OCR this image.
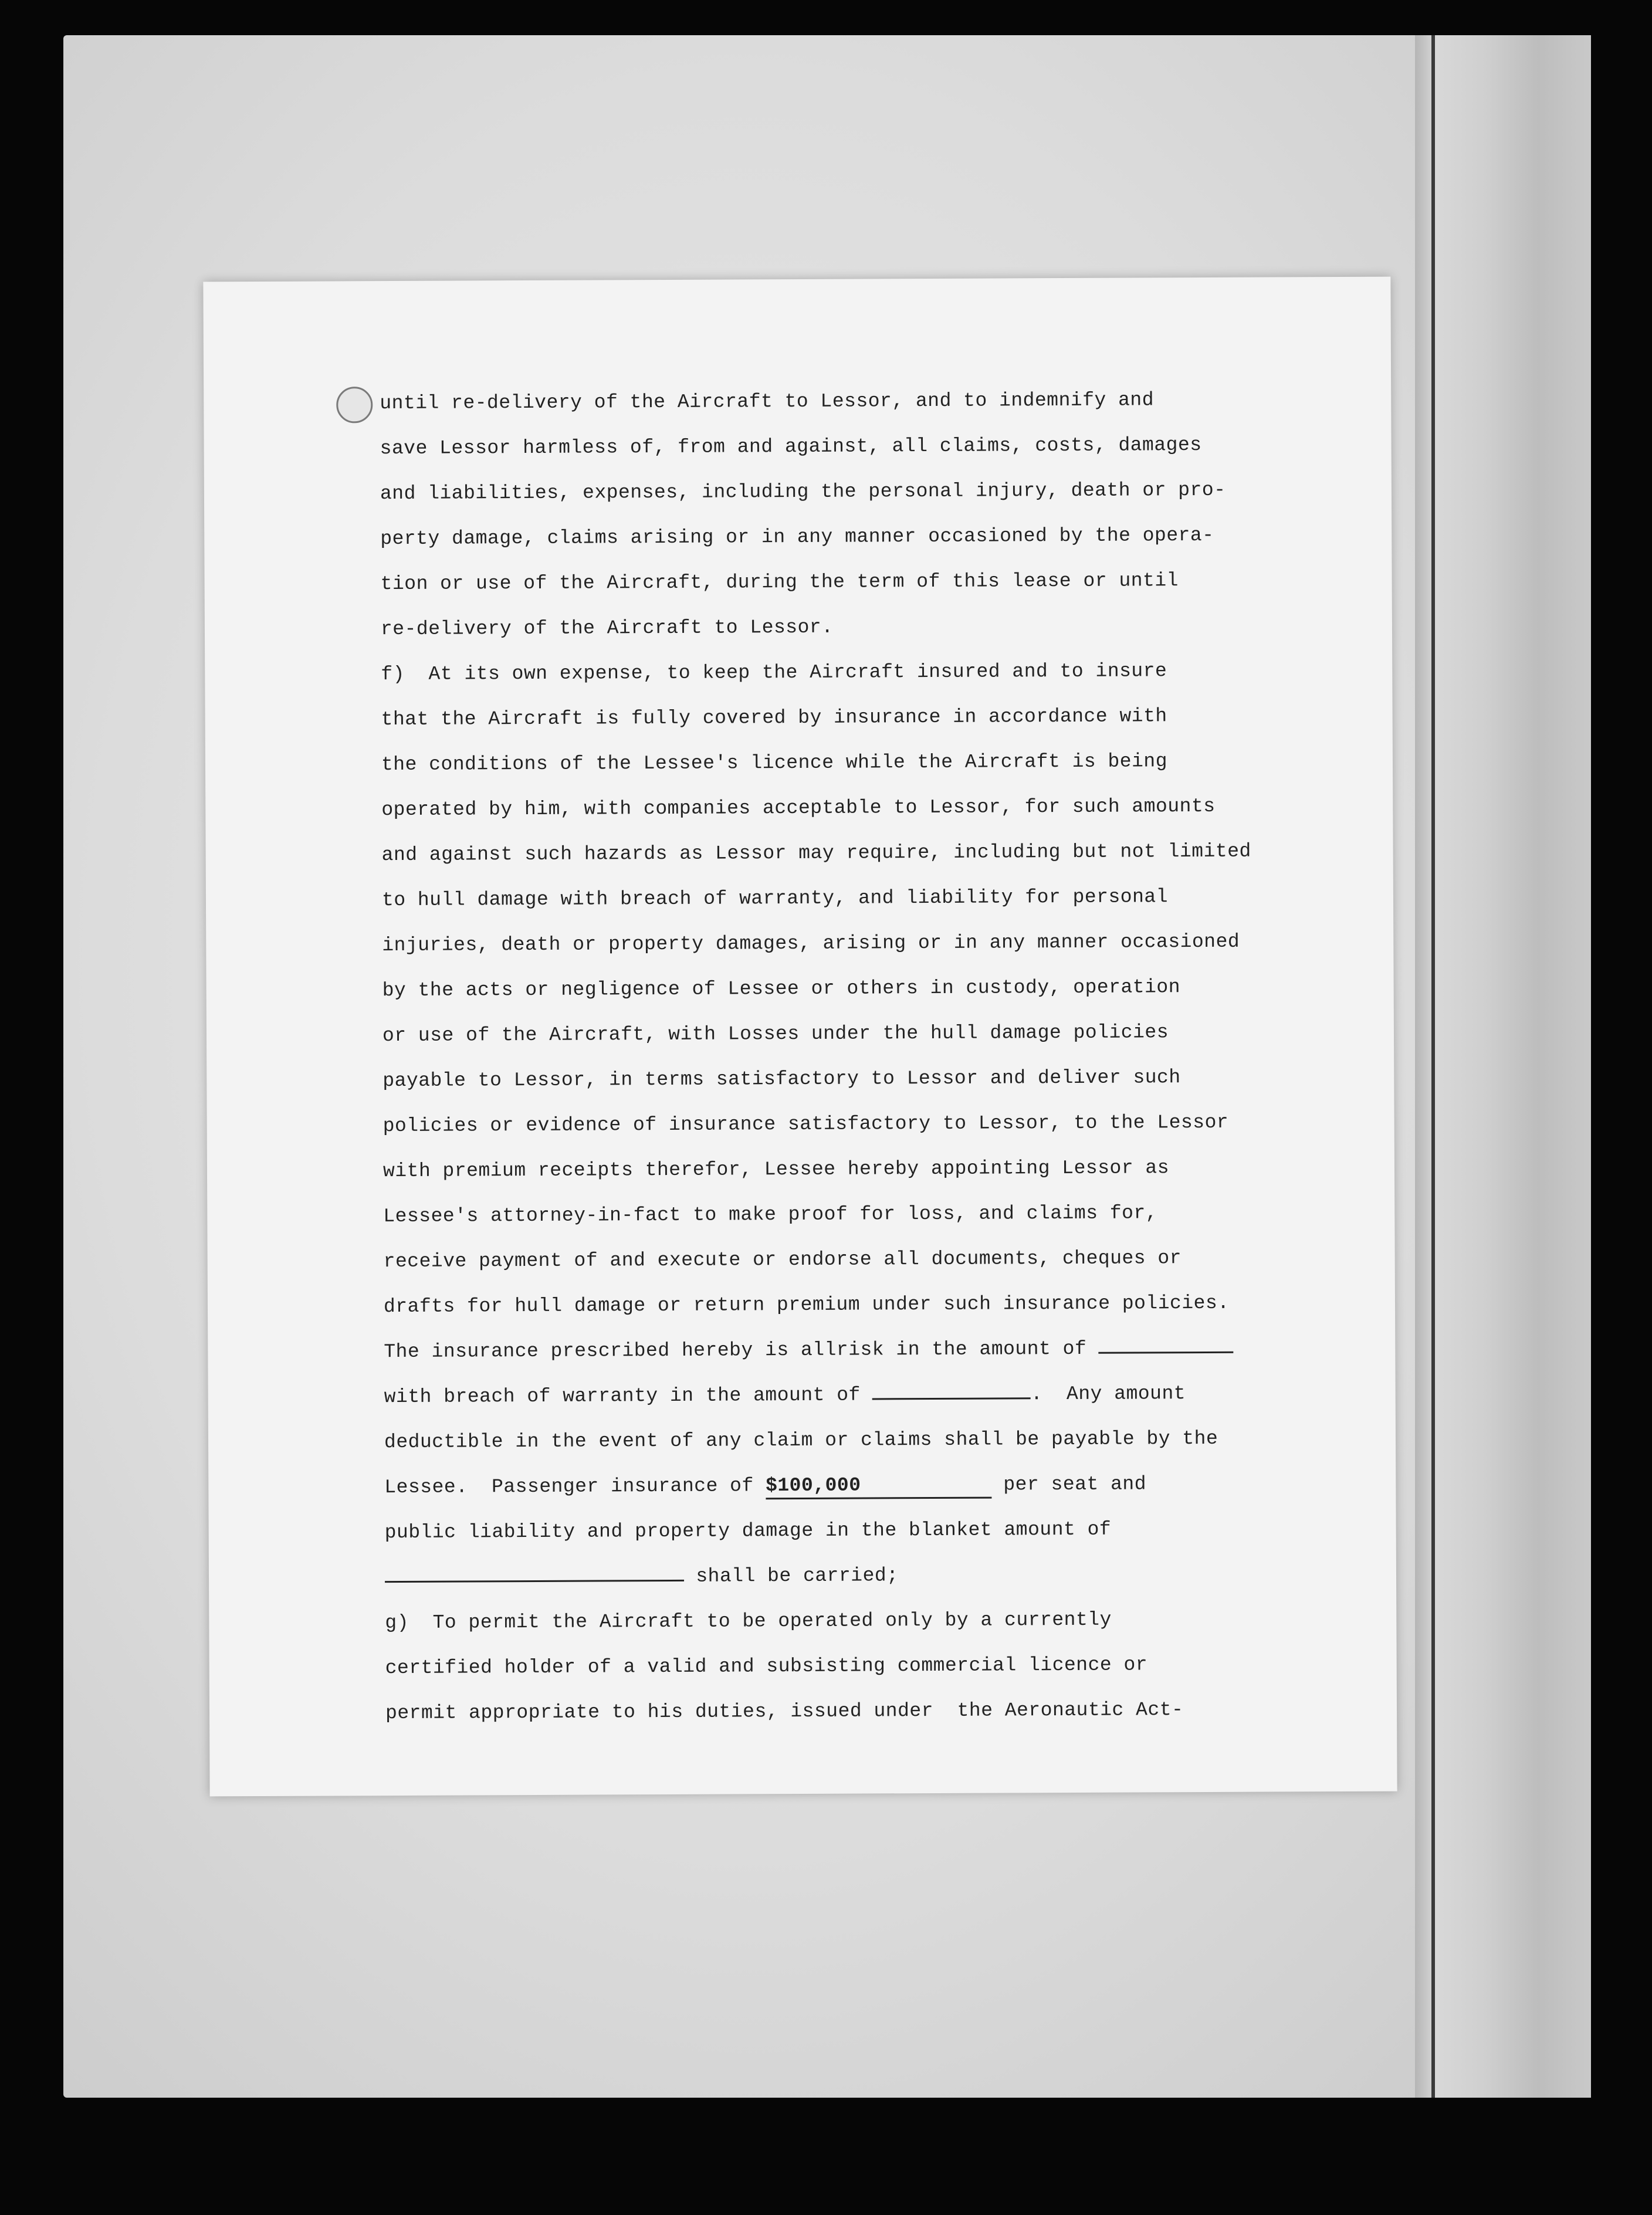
until re-delivery of the Aircraft to Lessor, and to indemnify and
save Lessor harmless of, from and against, all claims, costs, damages
and liabilities, expenses, including the personal injury, death or pro-
perty damage, claims arising or in any manner occasioned by the opera-
tion or use of the Aircraft, during the term of this lease or until
re-delivery of the Aircraft to Lessor.
f)  At its own expense, to keep the Aircraft insured and to insure
that the Aircraft is fully covered by insurance in accordance with
the conditions of the Lessee's licence while the Aircraft is being
operated by him, with companies acceptable to Lessor, for such amounts
and against such hazards as Lessor may require, including but not limited
to hull damage with breach of warranty, and liability for personal
injuries, death or property damages, arising or in any manner occasioned
by the acts or negligence of Lessee or others in custody, operation
or use of the Aircraft, with Losses under the hull damage policies
payable to Lessor, in terms satisfactory to Lessor and deliver such
policies or evidence of insurance satisfactory to Lessor, to the Lessor
with premium receipts therefor, Lessee hereby appointing Lessor as
Lessee's attorney-in-fact to make proof for loss, and claims for,
receive payment of and execute or endorse all documents, cheques or
drafts for hull damage or return premium under such insurance policies.
The insurance prescribed hereby is allrisk in the amount of
with breach of warranty in the amount of	.  Any amount
deductible in the event of any claim or claims shall be payable by the
Lessee.  Passenger insurance of $100,000	per seat and
public liability and property damage in the blanket amount of
shall be carried;
g)  To permit the Aircraft to be operated only by a currently
certified holder of a valid and subsisting commercial licence or
permit appropriate to his duties, issued under  the Aeronautic Act-
